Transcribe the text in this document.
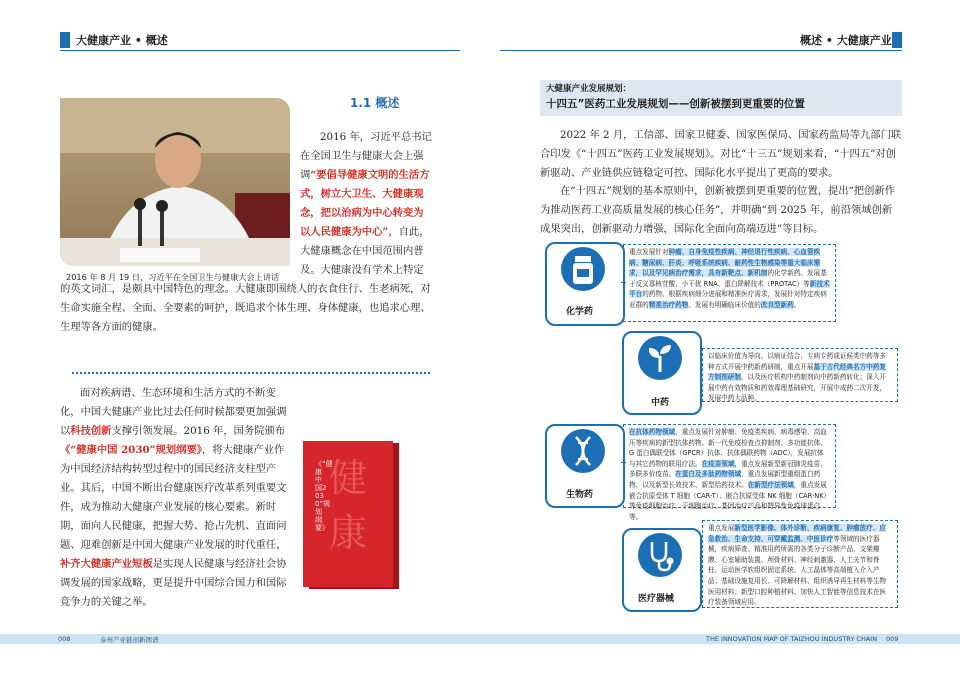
大健康产业 • 概述	概述 • 大健康产业
2016 年 8 月 19 日，习近平在全国卫生与健康大会上讲话
1.1 概述
2016 年，习近平总书记在全国卫生与健康大会上强调“要倡导健康文明的生活方式，树立大卫生、大健康观念，把以治病为中心转变为以人民健康为中心”，自此，大健康概念在中国范围内普及。大健康没有学术上特定的英文词汇，是颇具中国特色的理念。大健康即围绕人的衣食住行、生老病死，对生命实施全程、全面、全要素的呵护，既追求个体生理、身体健康，也追求心理、生理等各方面的健康。
面对疾病谱、生态环境和生活方式的不断变化，中国大健康产业比过去任何时候都要更加强调以科技创新支撑引领发展。2016 年，国务院颁布《“健康中国 2030”规划纲要》，将大健康产业作为中国经济结构转型过程中的国民经济支柱型产业。其后，中国不断出台健康医疗改革系列重要文件，成为推动大健康产业发展的核心要素。新时期，面向人民健康，把握大势、抢占先机、直面问题、迎难创新是中国大健康产业发展的时代重任，补齐大健康产业短板是实现人民健康与经济社会协调发展的国家战略，更是提升中国综合国力和国际竞争力的关键之举。
健
康
《“健康中国2030”规划纲要》
大健康产业发展规划：
十四五”医药工业发展规划——创新被摆到更重要的位置
2022 年 2 月，工信部、国家卫健委、国家医保局、国家药监局等九部门联合印发《“十四五”医药工业发展规划》。对比“十三五”规划来看，“十四五”对创新驱动、产业链供应链稳定可控、国际化水平提出了更高的要求。
在“十四五”规划的基本原则中，创新被摆到更重要的位置，提出“把创新作为推动医药工业高质量发展的核心任务”，并明确“到 2025 年，前沿领域创新成果突出，创新驱动力增强，国际化全面向高端迈进”等目标。
化学药
重点发展针对肿瘤、自身免疫性疾病、神经退行性疾病、心血管疾病、糖尿病、肝炎、呼吸系统疾病、耐药性生物感染等重大临床需求，以及罕见病治疗需求，具有新靶点、新机制的化学新药。发展基于反义寡核苷酸、小干扰 RNA、蛋白降解技术（PROTAC）等新技术平台的药物。根据疾病细分进展和精准医疗需求，发展针对特定疾病亚群的精准治疗药物。发展有明确临床价值的改良型新药。
以临床价值为导向，以病证结合、专病专药或证候类中药等多种方式开展中药新药研制，重点开展基于古代经典名方中药复方制剂研制，以及医疗机构中药制剂向中药新药转化；深入开展中药有效物质和药效毒理基础研究，开展中成药二次开发，发展中药大品种。
中药
生物药
在抗体药物领域，重点发展针对肿瘤、免疫类疾病、病毒感染、高血压等疾病的新型抗体药物。新一代免疫检查点抑制剂、多功能抗体、G 蛋白偶联受体（GPCR）抗体、抗体偶联药物（ADC），发展抗体与其它药物的联用疗法。在疫苗领域，重点发展新型新冠肺炎疫苗、多联多价疫苗。在蛋白及多肽药物领域，重点发展新型重组蛋白药物、以及新型长效技术、新型给药技术。在新型疗法领域，重点发展嵌合抗原受体 T 细胞（CAR-T）、嵌合抗原受体 NK 细胞（CAR-NK）等免疫细胞治疗、干细胞治疗、基因治疗产品和特异性免疫球蛋白等。
重点发展新型医学影像、体外诊断、疾病康复、肿瘤放疗、应急救治、生命支持、可穿戴监测、中医诊疗等领域的医疗器械，疾病筛查、精准用药所需的各类分子诊断产品，支架瓣膜、心室辅助装置、颅骨材料、神经刺激器、人工关节和脊柱、运动医学软组织固定系统、人工晶体等高端植入介入产品；基础设施复用长、可降解材料、组织诱导再生材料等生物医用材料；新型口腔种植材料、加快人工智能等信息技术在医疗装备领域应用。
医疗器械
008	泰州产业链创新图谱	THE INNOVATION MAP OF TAIZHOU INDUSTRY CHAIN 009
